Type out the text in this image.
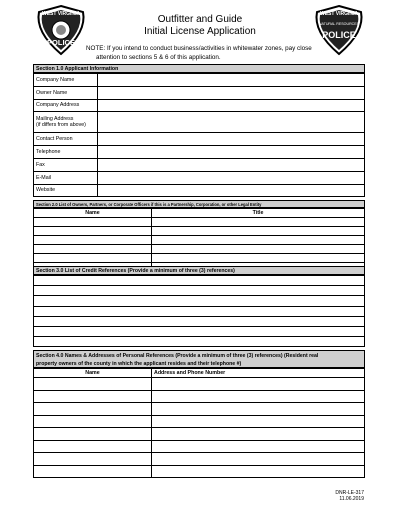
WEST VIRGINIA
POLICE
WEST VIRGINIA
NATURAL RESOURCES
POLICE
Outfitter and Guide
Initial License Application
NOTE: If you intend to conduct business/activities in whitewater zones, pay close
attention to sections 5 & 6 of this application.
Section 1.0 Applicant Information
Company Name	

Owner Name	

Company Address	

Mailing Address
(if differs from above)	

Contact Person	

Telephone	

Fax	

E-Mail	

Website	

Section 2.0 List of Owners, Partners, or Corporate Officers if this is a Partnership, Corporation, or other Legal Entity
Name	Title

Section 3.0 List of Credit References (Provide a minimum of three (3) references)

Section 4.0 Names & Addresses of Personal References (Provide a minimum of three (3) references) (Resident real
property owners of the county in which the applicant resides and their telephone #)
Name	Address and Phone Number

DNR-LE-317
11.06.2019
